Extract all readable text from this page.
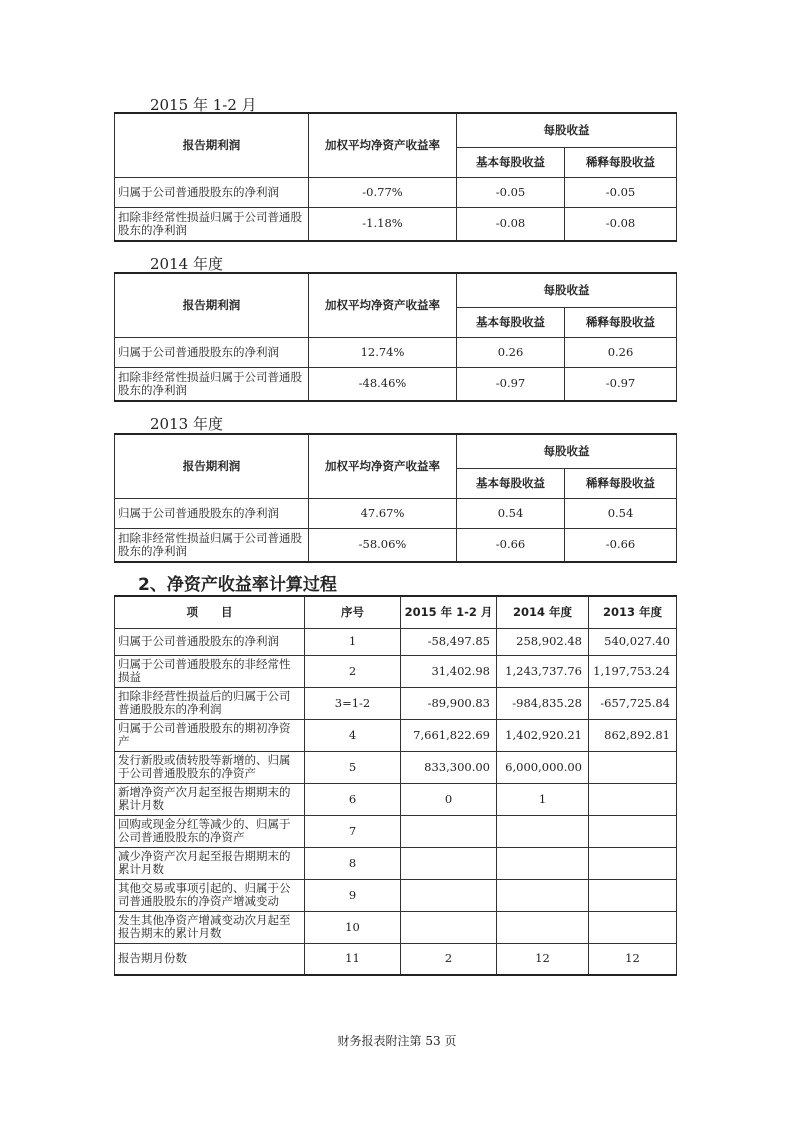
2015 年 1-2 月
报告期利润	加权平均净资产收益率	每股收益	
		基本每股收益	稀释每股收益
归属于公司普通股股东的净利润	-0.77%	-0.05	-0.05
扣除非经常性损益归属于公司普通股股东的净利润	-1.18%	-0.08	-0.08
2014 年度
报告期利润	加权平均净资产收益率	每股收益	
		基本每股收益	稀释每股收益
归属于公司普通股股东的净利润	12.74%	0.26	0.26
扣除非经常性损益归属于公司普通股股东的净利润	-48.46%	-0.97	-0.97
2013 年度
报告期利润	加权平均净资产收益率	每股收益	
		基本每股收益	稀释每股收益
归属于公司普通股股东的净利润	47.67%	0.54	0.54
扣除非经常性损益归属于公司普通股股东的净利润	-58.06%	-0.66	-0.66
2、净资产收益率计算过程
项　　目	序号	2015 年 1-2 月	2014 年度	2013 年度
归属于公司普通股股东的净利润	1	-58,497.85	258,902.48	540,027.40
归属于公司普通股股东的非经常性损益	2	31,402.98	1,243,737.76	1,197,753.24
扣除非经营性损益后的归属于公司普通股股东的净利润	3=1-2	-89,900.83	-984,835.28	-657,725.84
归属于公司普通股股东的期初净资产	4	7,661,822.69	1,402,920.21	862,892.81
发行新股或债转股等新增的、归属于公司普通股股东的净资产	5	833,300.00	6,000,000.00	
新增净资产次月起至报告期期末的累计月数	6	0	1	
回购或现金分红等减少的、归属于公司普通股股东的净资产	7			
减少净资产次月起至报告期期末的累计月数	8			
其他交易或事项引起的、归属于公司普通股股东的净资产增减变动	9			
发生其他净资产增减变动次月起至报告期末的累计月数	10			
报告期月份数	11	2	12	12
财务报表附注第 53 页
